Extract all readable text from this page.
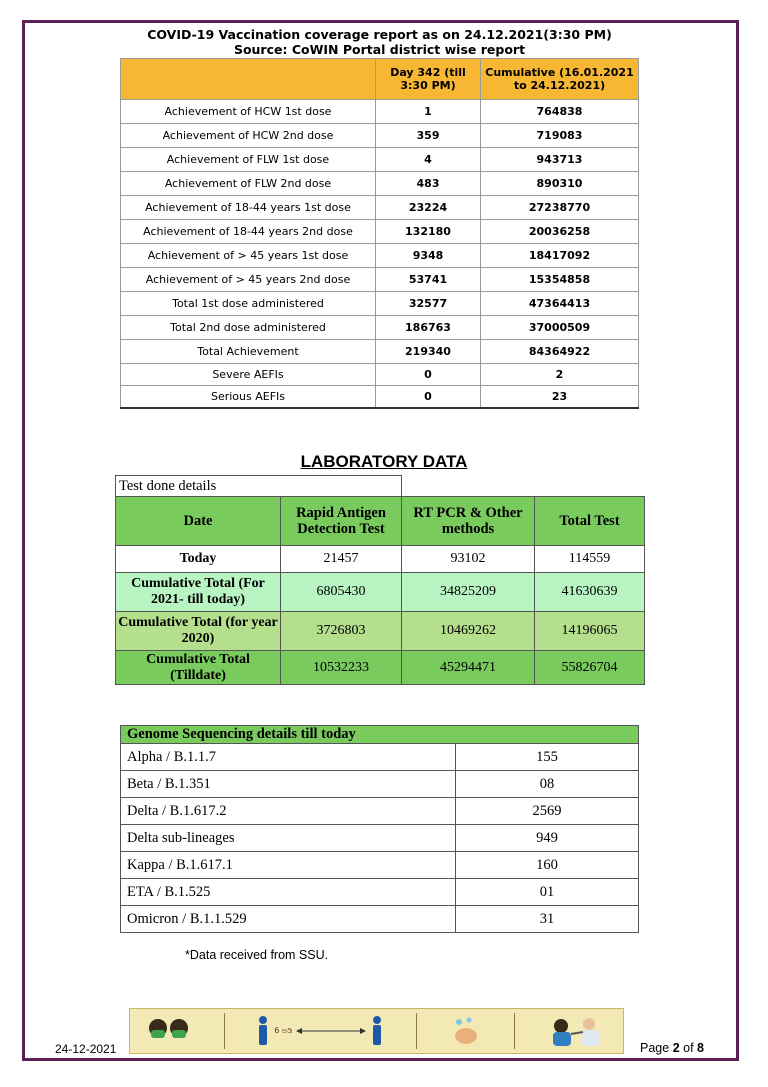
COVID-19 Vaccination coverage report as on 24.12.2021(3:30 PM)
Source: CoWIN Portal district wise report		

	Day 342 (till 3:30 PM)	Cumulative (16.01.2021 to 24.12.2021)
Achievement of HCW 1st dose	1	764838
Achievement of HCW 2nd dose	359	719083
Achievement of FLW 1st dose	4	943713
Achievement of FLW 2nd dose	483	890310
Achievement of 18-44 years 1st dose	23224	27238770
Achievement of 18-44 years 2nd dose	132180	20036258
Achievement of > 45 years 1st dose	9348	18417092
Achievement of > 45 years 2nd dose	53741	15354858
Total 1st dose administered	32577	47364413
Total 2nd dose administered	186763	37000509
Total Achievement	219340	84364922
Severe AEFIs	0	2
Serious AEFIs	0	23
LABORATORY DATA
Test done details			
Date	Rapid Antigen Detection Test	RT PCR & Other methods	Total Test
Today	21457	93102	114559
Cumulative Total (For 2021- till today)	6805430	34825209	41630639
Cumulative Total (for year 2020)	3726803	10469262	14196065
Cumulative Total (Tilldate)	10532233	45294471	55826704
Genome Sequencing details till today	
Alpha / B.1.1.7	155
Beta / B.1.351	08
Delta / B.1.617.2	2569
Delta sub-lineages	949
Kappa / B.1.617.1	160
ETA / B.1.525	01
Omicron / B.1.1.529	31
*Data received from SSU.
6 ಅಡಿ
24-12-2021	Page 2 of 8
